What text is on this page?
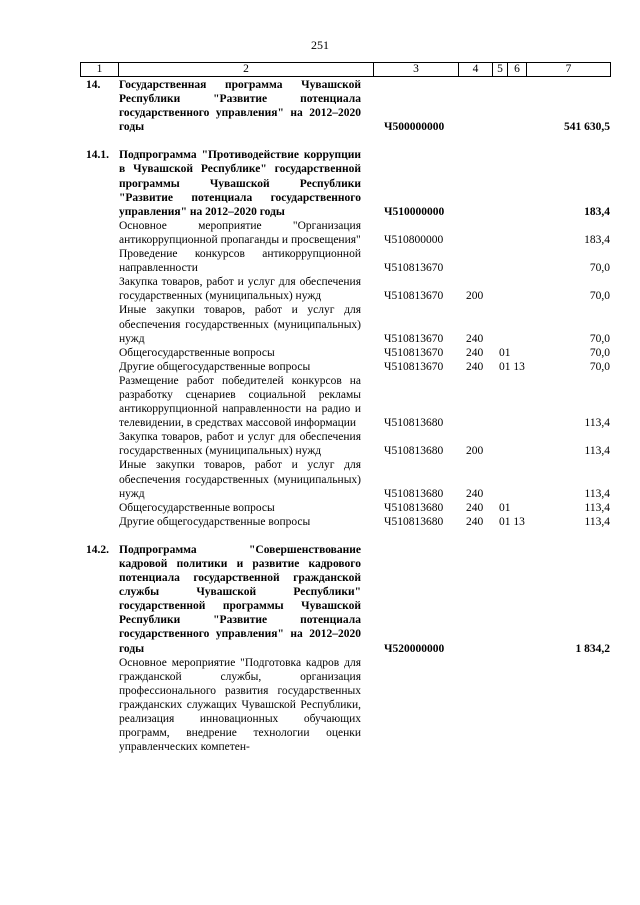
251
1	2	3	4	5 6	7
14. Государственная программа Чувашской Республики "Развитие потенциала государственного управления" на 2012–2020 годы	Ч500000000	541 630,5
14.1. Подпрограмма "Противодействие коррупции в Чувашской Республике" государственной программы Чувашской Республики "Развитие потенциала государственного управления" на 2012–2020 годы	Ч510000000	183,4
Основное мероприятие "Организация антикоррупционной пропаганды и просвещения" Ч510800000	183,4
Проведение конкурсов антикоррупционной направленности	Ч510813670	70,0
Закупка товаров, работ и услуг для обеспечения государственных (муниципальных) нужд	Ч510813670 200	70,0
Иные закупки товаров, работ и услуг для обеспечения государственных (муниципальных) нужд	Ч510813670 240	70,0
Общегосударственные вопросы	Ч510813670 240 01	70,0
Другие общегосударственные вопросы	Ч510813670 240 01 13	70,0
Размещение работ победителей конкурсов на разработку сценариев социальной рекламы антикоррупционной направленности на радио и телевидении, в средствах массовой информации	Ч510813680	113,4
Закупка товаров, работ и услуг для обеспечения государственных (муниципальных) нужд	Ч510813680 200	113,4
Иные закупки товаров, работ и услуг для обеспечения государственных (муниципальных) нужд	Ч510813680 240	113,4
Общегосударственные вопросы	Ч510813680 240 01	113,4
Другие общегосударственные вопросы	Ч510813680 240 01 13	113,4
14.2. Подпрограмма "Совершенствование кадровой политики и развитие кадрового потенциала государственной гражданской службы Чувашской Республики" государственной программы Чувашской Республики "Развитие потенциала государственного управления" на 2012–2020 годы	Ч520000000	1 834,2
Основное мероприятие "Подготовка кадров для гражданской службы, организация профессионального развития государственных гражданских служащих Чувашской Республики, реализация инновационных обучающих программ, внедрение технологии оценки управленческих компетен-
